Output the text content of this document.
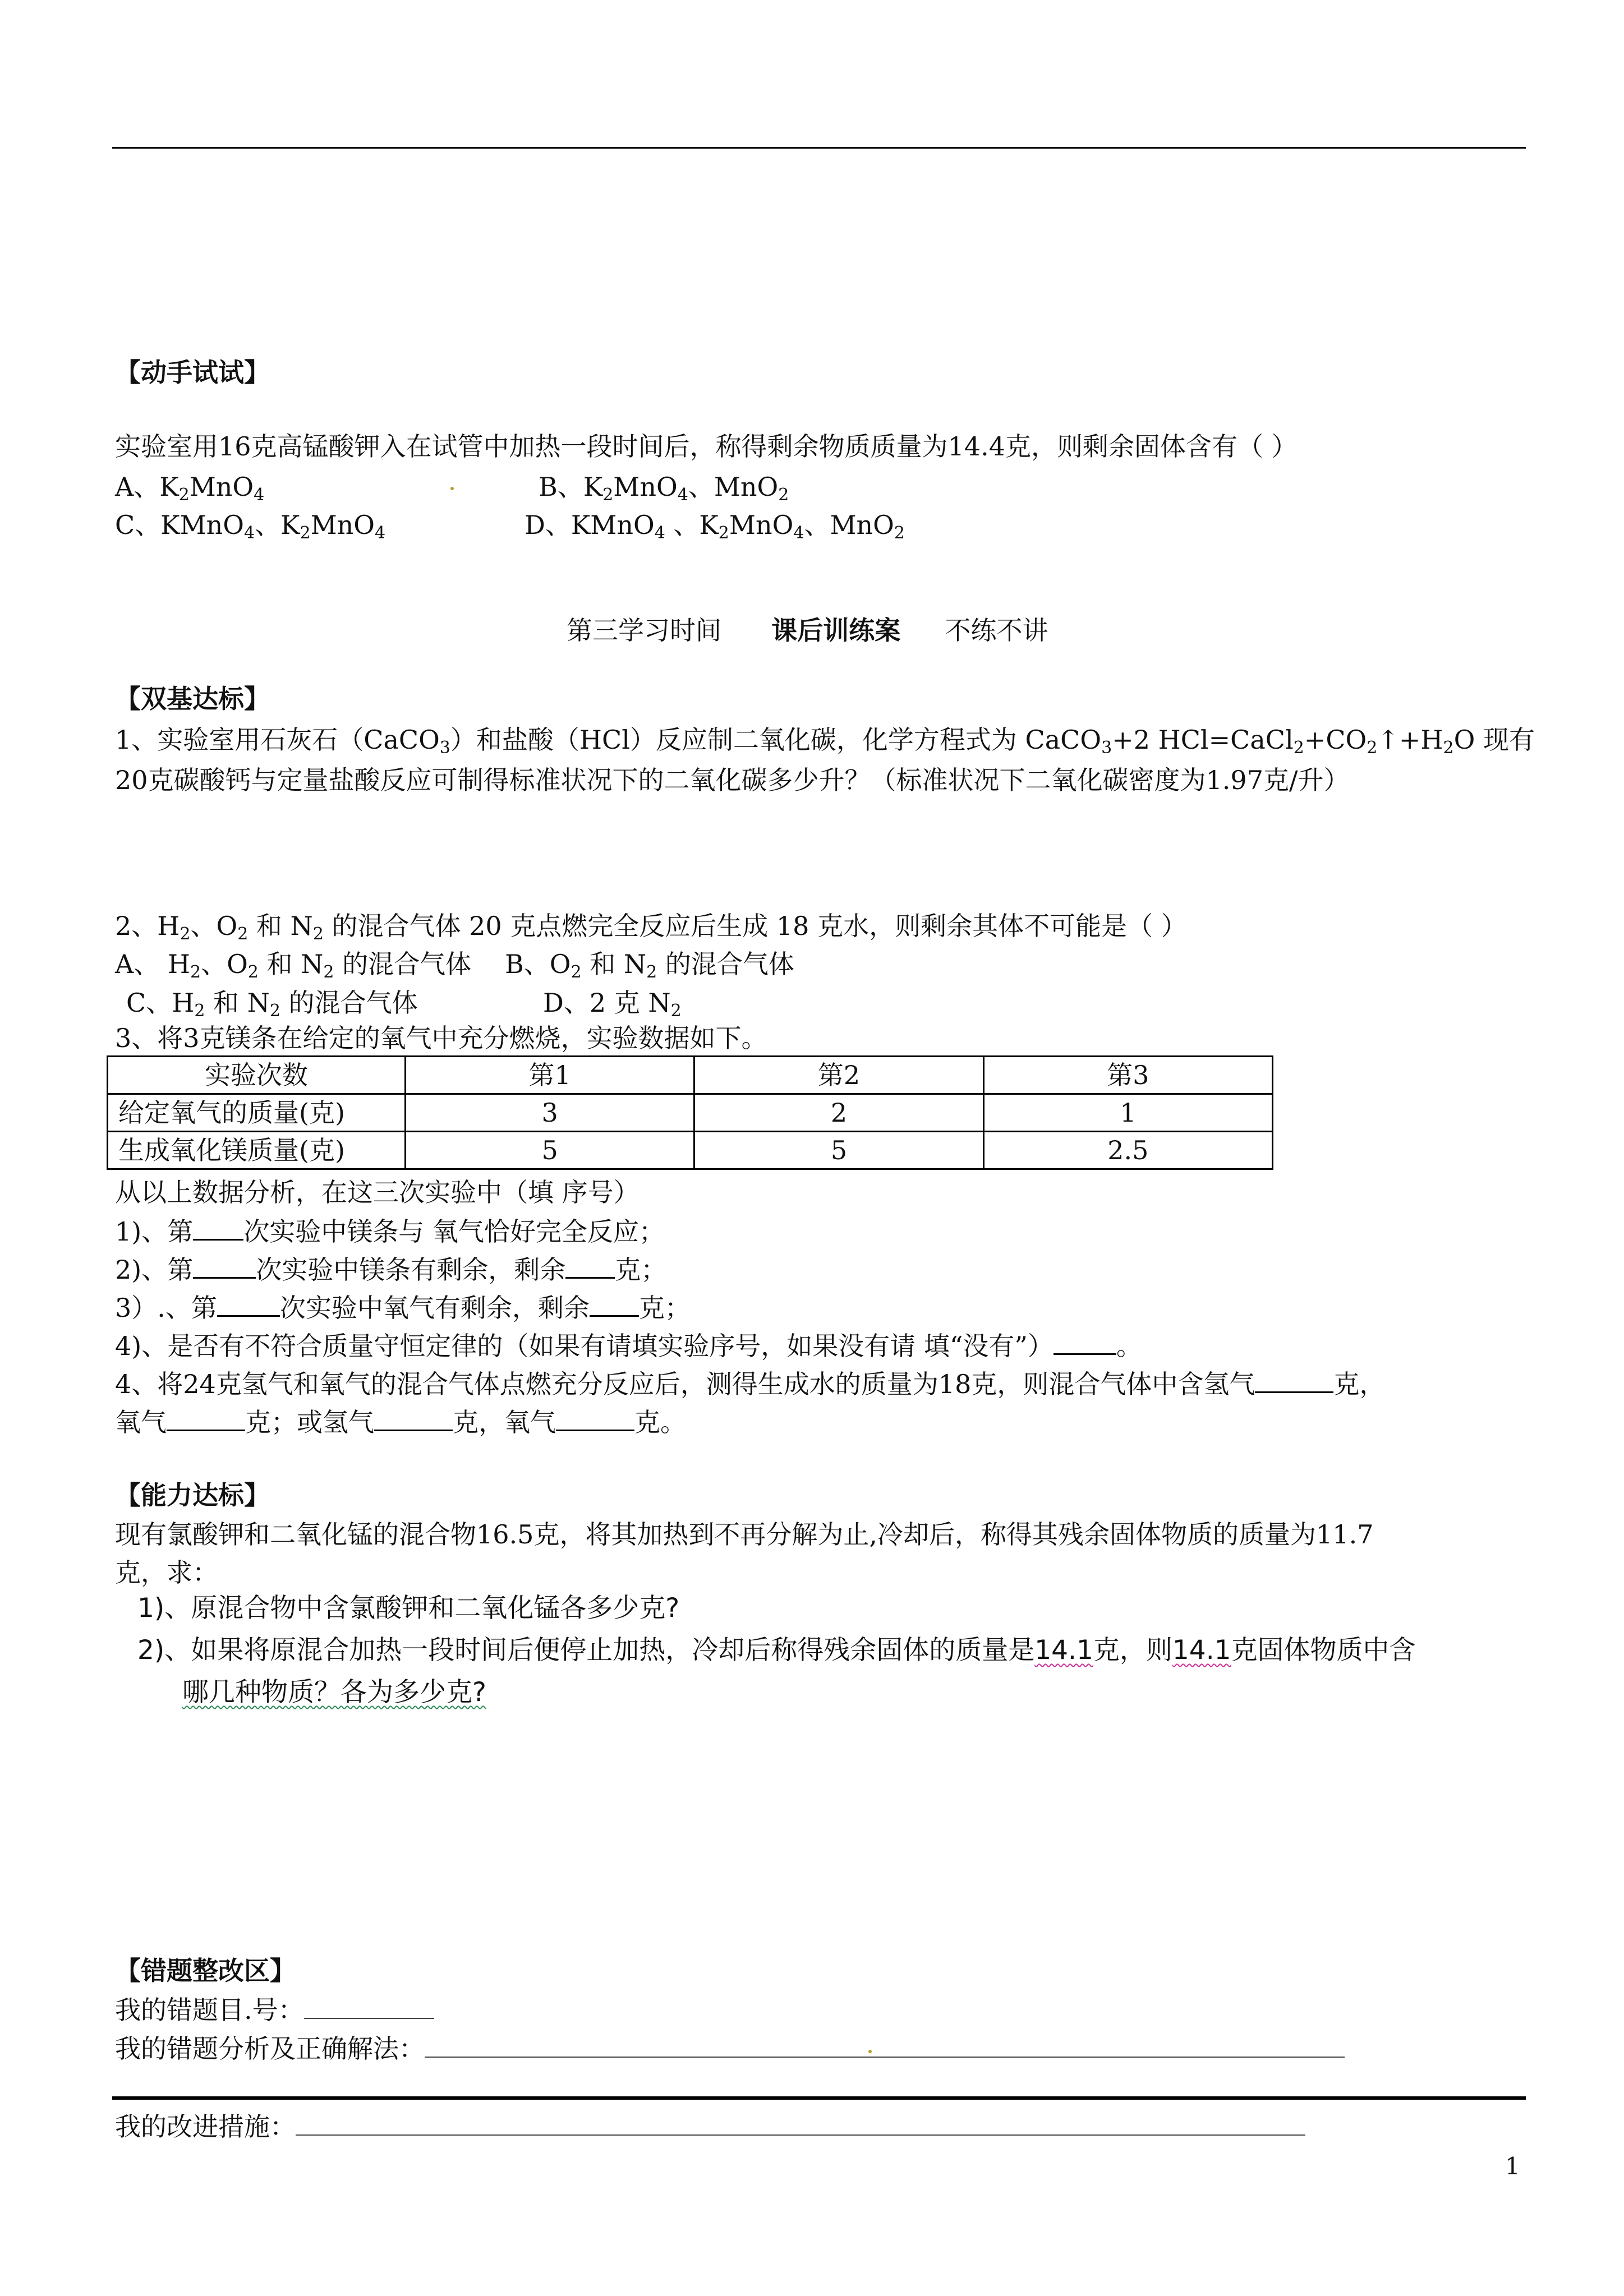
【动手试试】
实验室用16克高锰酸钾入在试管中加热一段时间后，称得剩余物质质量为14.4克，则剩余固体含有（ ）
A、$K_2MnO_4$	B、$K_2MnO_4$、MnO$_2$
C、KMnO$_4$、$K_2MnO_4$	D、KMnO$_4$ 、$K_2MnO_4$、MnO$_2$
第三学习时间 课后训练案 不练不讲
【双基达标】
1、实验室用石灰石（CaCO$_3$）和盐酸（HCl）反应制二氧化碳，化学方程式为 CaCO$_3$+2 $HCl=CaCl_2+CO_2↑+H_2O$ 现有
20克碳酸钙与定量盐酸反应可制得标准状况下的二氧化碳多少升？（标准状况下二氧化碳密度为1.97克/升）
2、$H_2$、$O_2$ 和 $N_2$ 的混合气体 20 克点燃完全反应后生成 18 克水，则剩余其体不可能是（ ）
A、 $H_2$、$O_2$ 和 $N_2$ 的混合气体 B、$O_2$ 和 $N_2$ 的混合气体
C、$H_2$ 和 $N_2$ 的混合气体	D、2 克 $N_2$
3、将3克镁条在给定的氧气中充分燃烧，实验数据如下。
实验次数	第1	第2	第3
给定氧气的质量(克)	3	2	1
生成氧化镁质量(克)	5	5	2.5
从以上数据分析，在这三次实验中（填 序号）
1)、第 次实验中镁条与 氧气恰好完全反应；
2)、第 次实验中镁条有剩余，剩余 克；
3）.、第 次实验中氧气有剩余，剩余 克；
4)、是否有不符合质量守恒定律的（如果有请填实验序号，如果没有请 填“没有”） 。
4、将24克氢气和氧气的混合气体点燃充分反应后，测得生成水的质量为18克，则混合气体中含氢气	克，
氧气	克；或氢气	克，氧气	克。
【能力达标】
现有氯酸钾和二氧化锰的混合物16.5克，将其加热到不再分解为止,冷却后，称得其残余固体物质的质量为11.7
克，求：
1)、原混合物中含氯酸钾和二氧化锰各多少克?
2)、如果将原混合加热一段时间后便停止加热，冷却后称得残余固体的质量是14.1克，则14.1克固体物质中含
哪几种物质？各为多少克?
【错题整改区】
我的错题目.号：
我的错题分析及正确解法：
我的改进措施：
1
